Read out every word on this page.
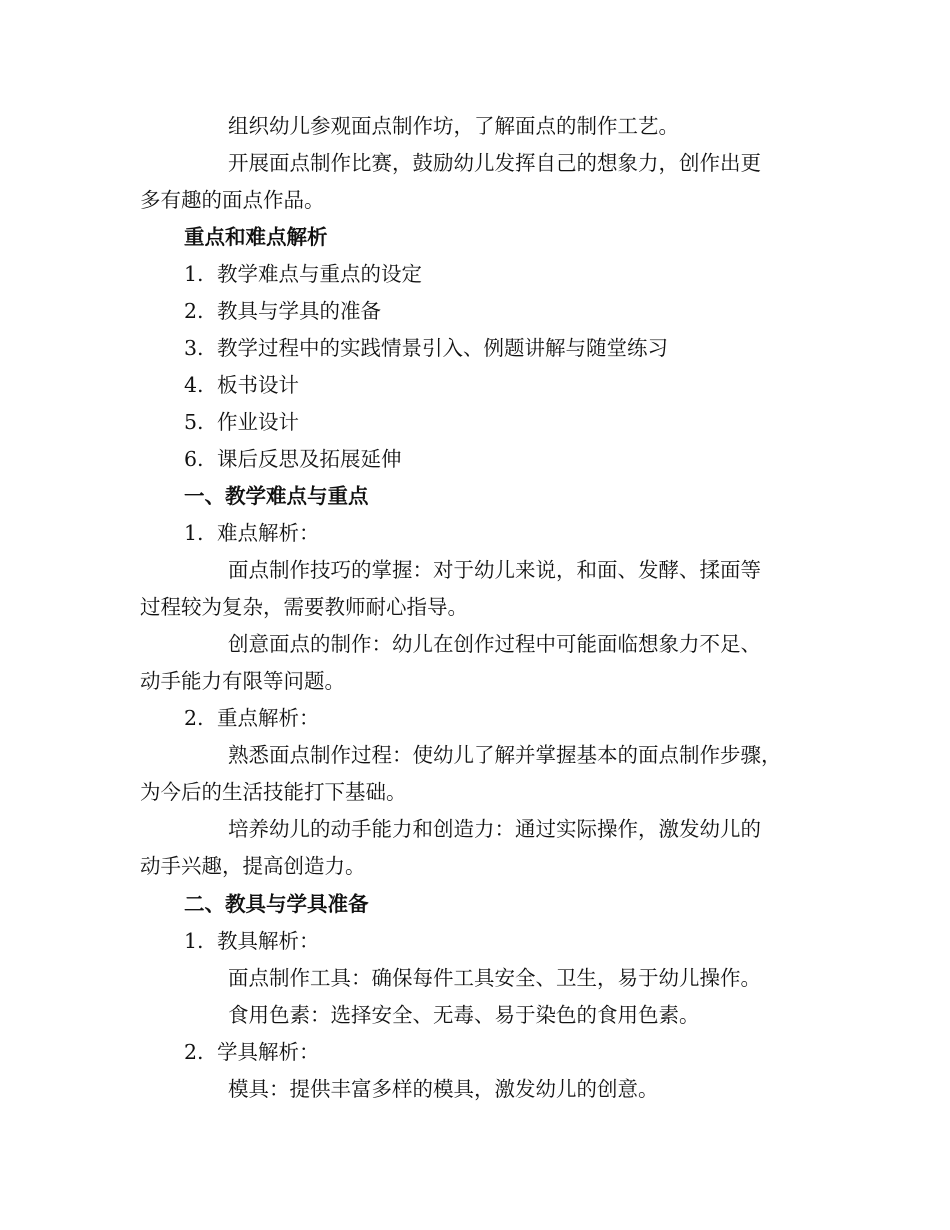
组织幼儿参观面点制作坊，了解面点的制作工艺。
开展面点制作比赛，鼓励幼儿发挥自己的想象力，创作出更
多有趣的面点作品。
重点和难点解析
1. 教学难点与重点的设定
2. 教具与学具的准备
3. 教学过程中的实践情景引入、例题讲解与随堂练习
4. 板书设计
5. 作业设计
6. 课后反思及拓展延伸
一、教学难点与重点
1. 难点解析：
面点制作技巧的掌握：对于幼儿来说，和面、发酵、揉面等
过程较为复杂，需要教师耐心指导。
创意面点的制作：幼儿在创作过程中可能面临想象力不足、
动手能力有限等问题。
2. 重点解析：
熟悉面点制作过程：使幼儿了解并掌握基本的面点制作步骤，
为今后的生活技能打下基础。
培养幼儿的动手能力和创造力：通过实际操作，激发幼儿的
动手兴趣，提高创造力。
二、教具与学具准备
1. 教具解析：
面点制作工具：确保每件工具安全、卫生，易于幼儿操作。
食用色素：选择安全、无毒、易于染色的食用色素。
2. 学具解析：
模具：提供丰富多样的模具，激发幼儿的创意。
